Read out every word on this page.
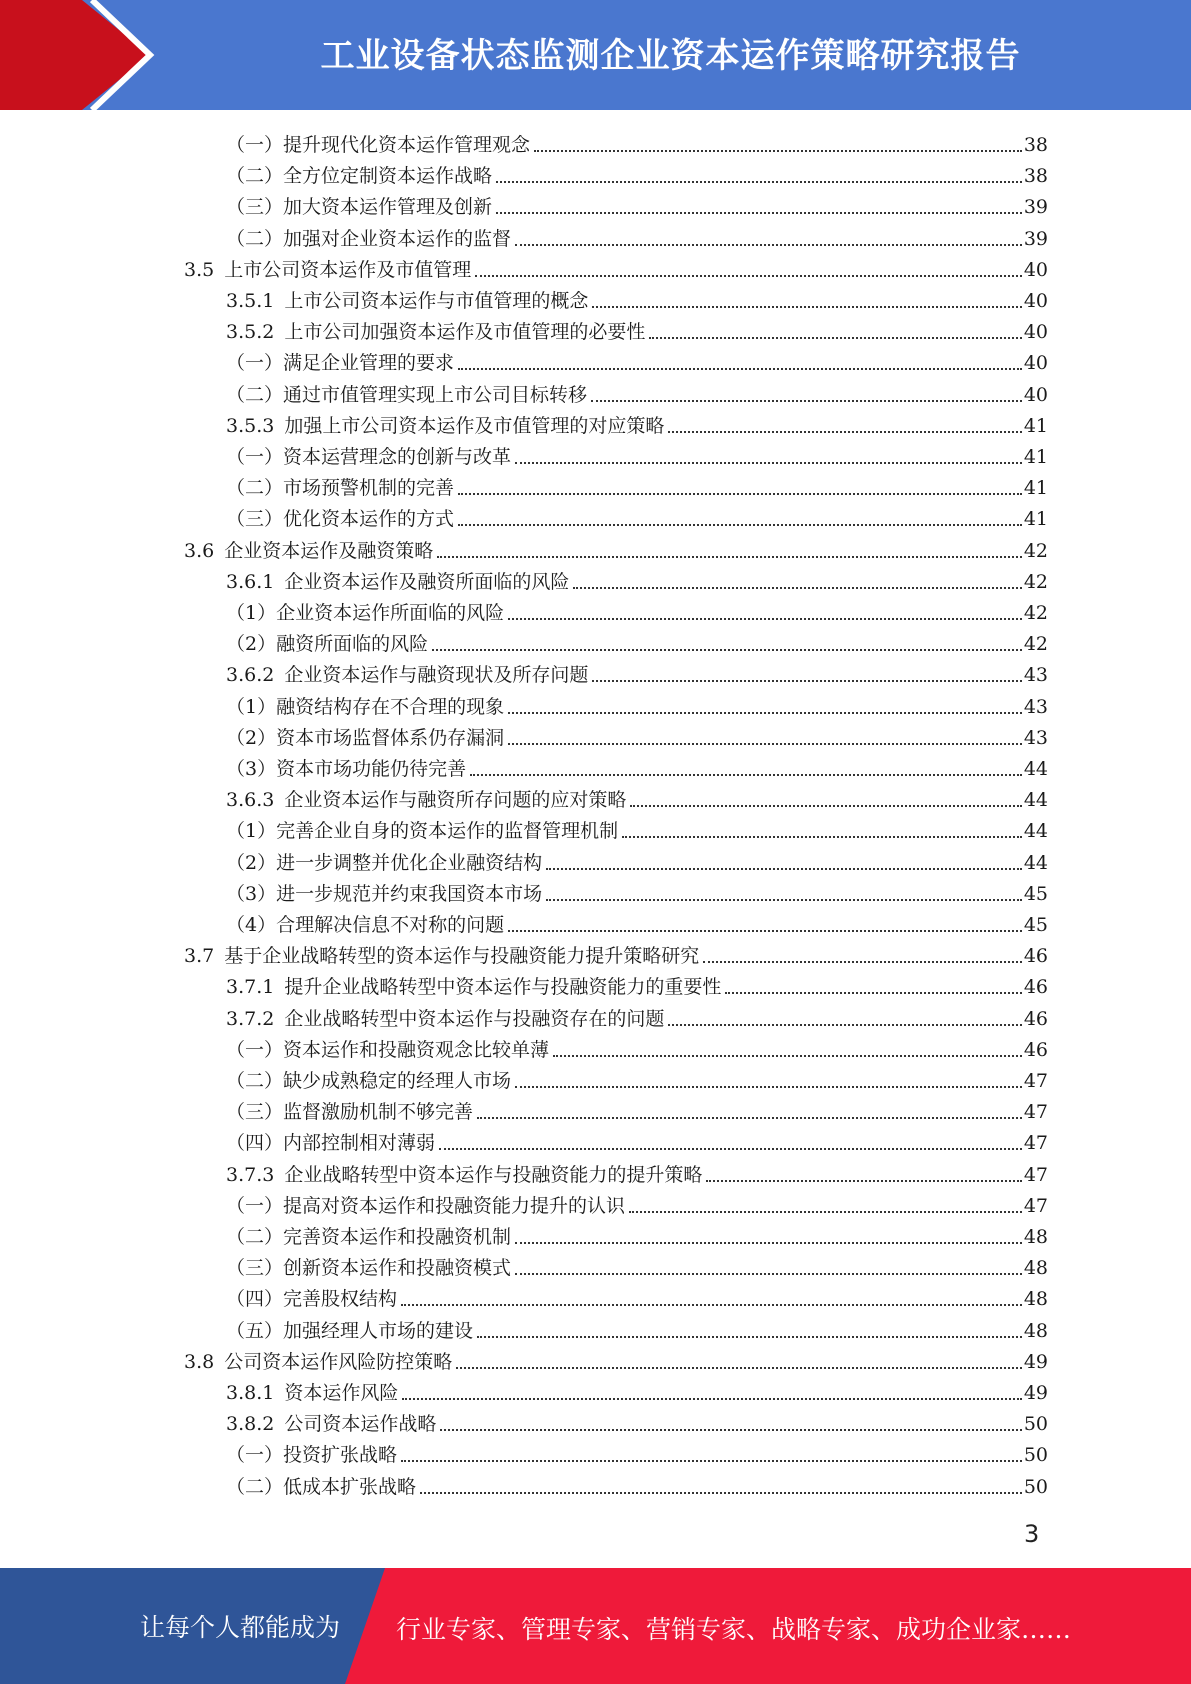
工业设备状态监测企业资本运作策略研究报告
（一）提升现代化资本运作管理观念	38
（二）全方位定制资本运作战略	38
（三）加大资本运作管理及创新	39
（二）加强对企业资本运作的监督	39
3.5 上市公司资本运作及市值管理	40
3.5.1 上市公司资本运作与市值管理的概念	40
3.5.2 上市公司加强资本运作及市值管理的必要性	40
（一）满足企业管理的要求	40
（二）通过市值管理实现上市公司目标转移	40
3.5.3 加强上市公司资本运作及市值管理的对应策略	41
（一）资本运营理念的创新与改革	41
（二）市场预警机制的完善	41
（三）优化资本运作的方式	41
3.6 企业资本运作及融资策略	42
3.6.1 企业资本运作及融资所面临的风险	42
（1）企业资本运作所面临的风险	42
（2）融资所面临的风险	42
3.6.2 企业资本运作与融资现状及所存问题	43
（1）融资结构存在不合理的现象	43
（2）资本市场监督体系仍存漏洞	43
（3）资本市场功能仍待完善	44
3.6.3 企业资本运作与融资所存问题的应对策略	44
（1）完善企业自身的资本运作的监督管理机制	44
（2）进一步调整并优化企业融资结构	44
（3）进一步规范并约束我国资本市场	45
（4）合理解决信息不对称的问题	45
3.7 基于企业战略转型的资本运作与投融资能力提升策略研究	46
3.7.1 提升企业战略转型中资本运作与投融资能力的重要性	46
3.7.2 企业战略转型中资本运作与投融资存在的问题	46
（一）资本运作和投融资观念比较单薄	46
（二）缺少成熟稳定的经理人市场	47
（三）监督激励机制不够完善	47
（四）内部控制相对薄弱	47
3.7.3 企业战略转型中资本运作与投融资能力的提升策略	47
（一）提高对资本运作和投融资能力提升的认识	47
（二）完善资本运作和投融资机制	48
（三）创新资本运作和投融资模式	48
（四）完善股权结构	48
（五）加强经理人市场的建设	48
3.8 公司资本运作风险防控策略	49
3.8.1 资本运作风险	49
3.8.2 公司资本运作战略	50
（一）投资扩张战略	50
（二）低成本扩张战略	50
3
让每个人都能成为 行业专家、管理专家、营销专家、战略专家、成功企业家……
